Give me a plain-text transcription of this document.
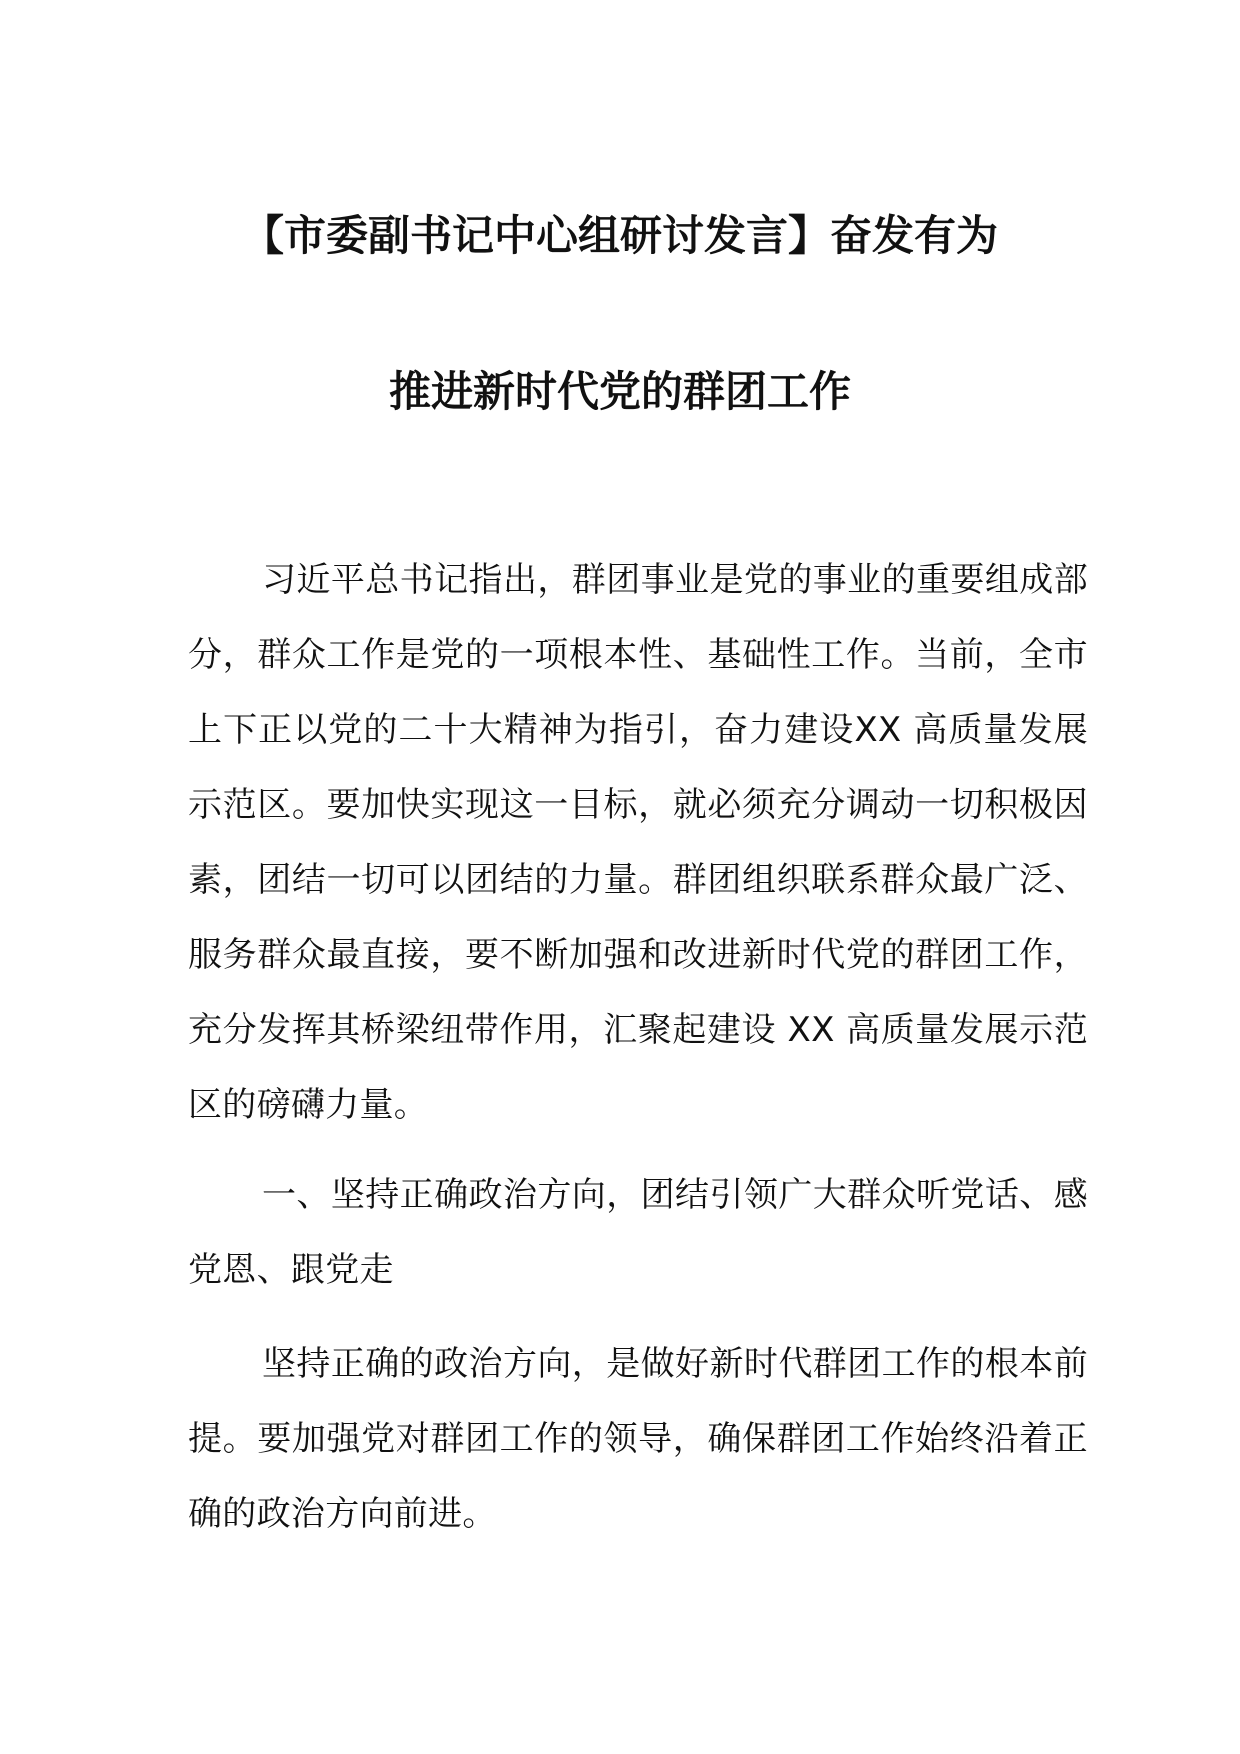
【市委副书记中心组研讨发言】奋发有为
推进新时代党的群团工作

习近平总书记指出，群团事业是党的事业的重要组成部分，群众工作是党的一项根本性、基础性工作。当前，全市上下正以党的二十大精神为指引，奋力建设XX 高质量发展示范区。要加快实现这一目标，就必须充分调动一切积极因素，团结一切可以团结的力量。群团组织联系群众最广泛、服务群众最直接，要不断加强和改进新时代党的群团工作，充分发挥其桥梁纽带作用，汇聚起建设 XX 高质量发展示范区的磅礴力量。

一、坚持正确政治方向，团结引领广大群众听党话、感党恩、跟党走

坚持正确的政治方向，是做好新时代群团工作的根本前提。要加强党对群团工作的领导，确保群团工作始终沿着正确的政治方向前进。
